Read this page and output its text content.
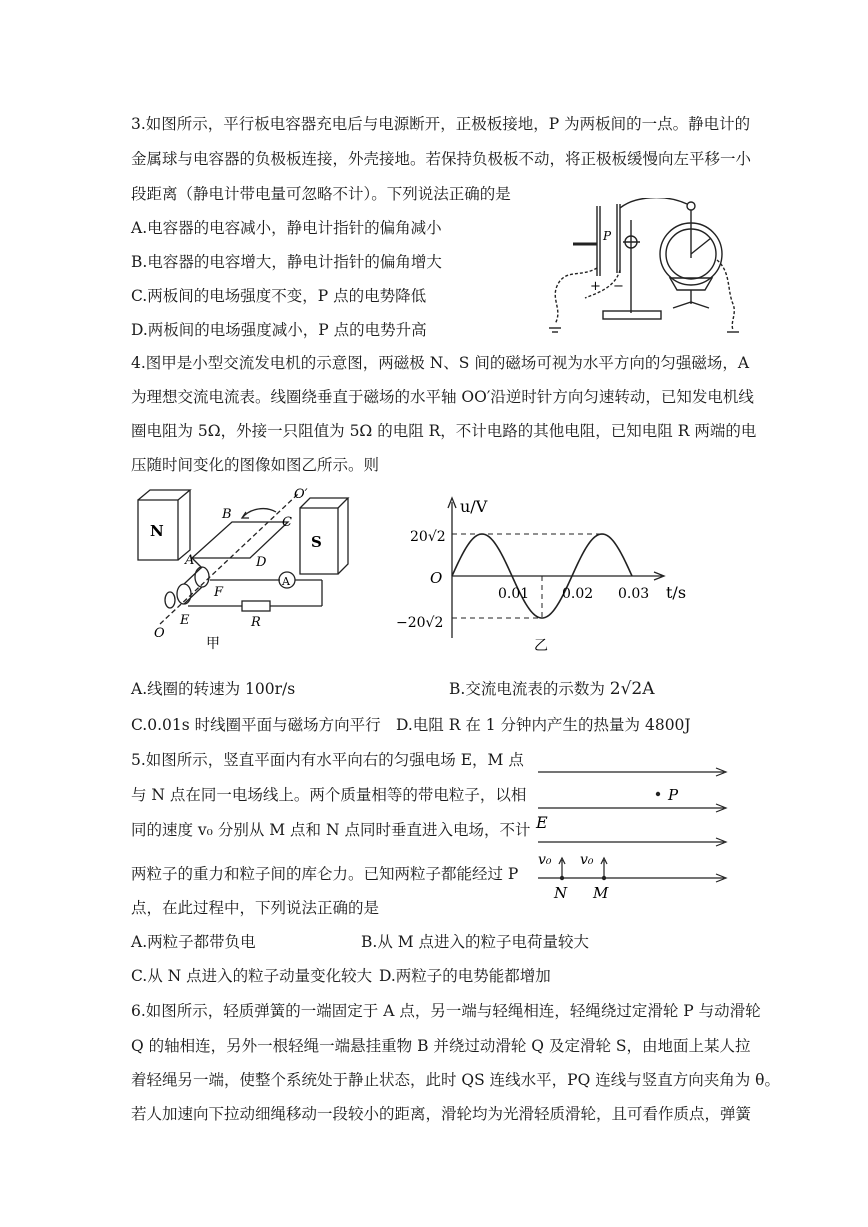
3.如图所示，平行板电容器充电后与电源断开，正极板接地，P 为两板间的一点。静电计的
金属球与电容器的负极板连接，外壳接地。若保持负极板不动，将正极板缓慢向左平移一小
段距离（静电计带电量可忽略不计）。下列说法正确的是
A.电容器的电容减小，静电计指针的偏角减小
B.电容器的电容增大，静电计指针的偏角增大
C.两板间的电场强度不变，P 点的电势降低
D.两板间的电场强度减小，P 点的电势升高
+ −
P
4.图甲是小型交流发电机的示意图，两磁极 N、S 间的磁场可视为水平方向的匀强磁场，A
为理想交流电流表。线圈绕垂直于磁场的水平轴 OO′沿逆时针方向匀速转动，已知发电机线
圈电阻为 5Ω，外接一只阻值为 5Ω 的电阻 R，不计电路的其他电阻，已知电阻 R 两端的电
压随时间变化的图像如图乙所示。则
N
S
B
C
D
A
F
E	R
O
O′
A
甲
u/V
t/s
20√2
−20√2
O
0.01 0.02 0.03
乙
A.线圈的转速为 100r/s	B.交流电流表的示数为 2√2A
C.0.01s 时线圈平面与磁场方向平行 D.电阻 R 在 1 分钟内产生的热量为 4800J
5.如图所示，竖直平面内有水平向右的匀强电场 E，M 点
与 N 点在同一电场线上。两个质量相等的带电粒子，以相
同的速度 v₀ 分别从 M 点和 N 点同时垂直进入电场，不计
两粒子的重力和粒子间的库仑力。已知两粒子都能经过 P
点，在此过程中，下列说法正确的是
P
E
v₀ v₀
N M
A.两粒子都带负电	B.从 M 点进入的粒子电荷量较大
C.从 N 点进入的粒子动量变化较大 D.两粒子的电势能都增加
6.如图所示，轻质弹簧的一端固定于 A 点，另一端与轻绳相连，轻绳绕过定滑轮 P 与动滑轮
Q 的轴相连，另外一根轻绳一端悬挂重物 B 并绕过动滑轮 Q 及定滑轮 S，由地面上某人拉
着轻绳另一端，使整个系统处于静止状态，此时 QS 连线水平，PQ 连线与竖直方向夹角为 θ。
若人加速向下拉动细绳移动一段较小的距离，滑轮均为光滑轻质滑轮，且可看作质点，弹簧
